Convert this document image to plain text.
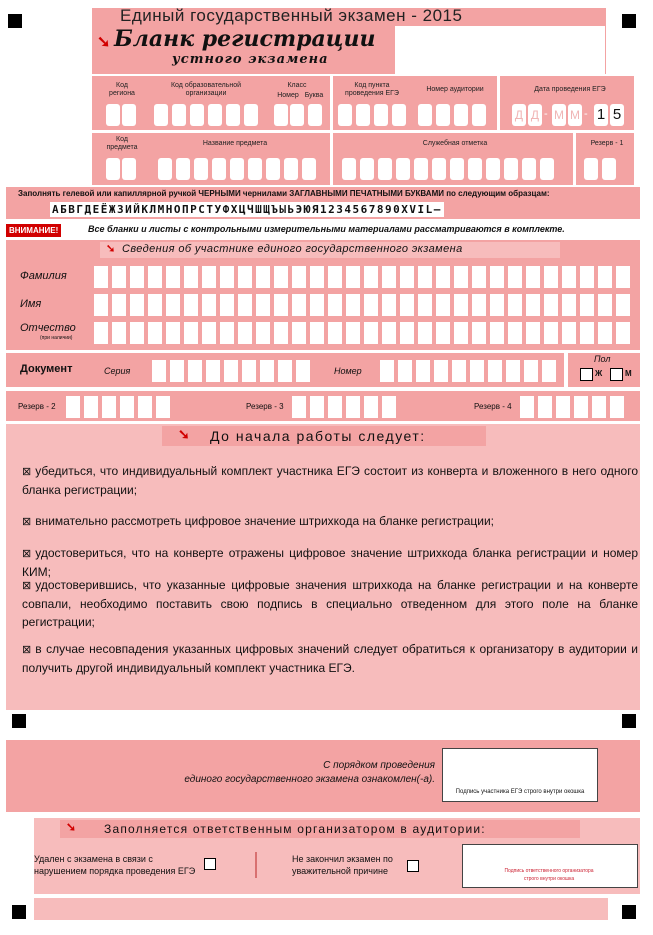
Единый государственный экзамен - 2015
➘ Бланк регистрации
устного экзамена
Код региона
Код образовательной организации
Класс
Номер Буква
Код пункта проведения ЕГЭ
Номер аудитории	Дата проведения ЕГЭ
Д Д - М М - 1 5
Код предмета
Название предмета	Служебная отметка	Резерв - 1
Заполнять гелевой или капиллярной ручкой ЧЕРНЫМИ чернилами ЗАГЛАВНЫМИ ПЕЧАТНЫМИ БУКВАМИ по следующим образцам:
АБВГДЕЁЖЗИЙКЛМНОПРСТУФХЦЧШЩЪЫЬЭЮЯ1234567890XVIL–
ВНИМАНИЕ!	Все бланки и листы с контрольными измерительными материалами рассматриваются в комплекте.
➘ Сведения об участнике единого государственного экзамена
Фамилия
Имя
Отчество
(при наличии)
Документ	Серия	Номер
Пол
Ж	М
Резерв - 2	Резерв - 3	Резерв - 4
➘ До начала работы следует:
⊠ убедиться, что индивидуальный комплект участника ЕГЭ состоит из конверта и вложенного в него одного бланка регистрации;
⊠ внимательно рассмотреть цифровое значение штрихкода на бланке регистрации;
⊠ удостовериться, что на конверте отражены цифровое значение штрихкода бланка регистрации и номер КИМ;
⊠ удостоверившись, что указанные цифровые значения штрихкода на бланке регистрации и на конверте совпали, необходимо поставить свою подпись в специально отведенном для этого поле на бланке регистрации;
⊠ в случае несовпадения указанных цифровых значений следует обратиться к организатору в аудитории и получить другой индивидуальный комплект участника ЕГЭ.
С порядком проведения
единого государственного экзамена ознакомлен(-а).
Подпись участника ЕГЭ строго внутри окошка
➘ Заполняется ответственным организатором в аудитории:
Удален с экзамена в связи с
нарушением порядка проведения ЕГЭ
Не закончил экзамен по
уважительной причине	Подпись ответственного организатора
строго внутри окошка
